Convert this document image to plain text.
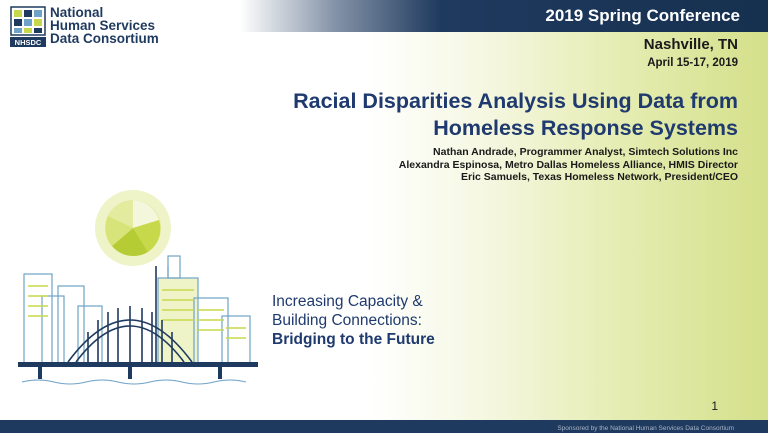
2019 Spring Conference
NHSDC
National
Human Services
Data Consortium	Nashville, TN
April 15-17, 2019
Racial Disparities Analysis Using Data from
Homeless Response Systems
Nathan Andrade, Programmer Analyst, Simtech Solutions Inc
Alexandra Espinosa, Metro Dallas Homeless Alliance, HMIS Director
Eric Samuels, Texas Homeless Network, President/CEO
Increasing Capacity &
Building Connections:
Bridging to the Future
1
Sponsored by the National Human Services Data Consortium
